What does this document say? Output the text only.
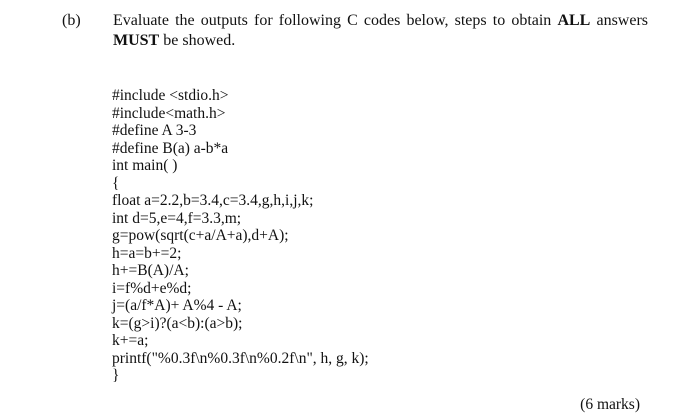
(b) Evaluate the outputs for following C codes below, steps to obtain ALL answers
MUST be showed.
#include <stdio.h>
#include<math.h>
#define A 3-3
#define B(a) a-b*a
int main( )
{
float a=2.2,b=3.4,c=3.4,g,h,i,j,k;
int d=5,e=4,f=3.3,m;
g=pow(sqrt(c+a/A+a),d+A);
h=a=b+=2;
h+=B(A)/A;
i=f%d+e%d;
j=(a/f*A)+ A%4 - A;
k=(g>i)?(a<b):(a>b);
k+=a;
printf("%0.3f\n%0.3f\n%0.2f\n", h, g, k);
}
(6 marks)
